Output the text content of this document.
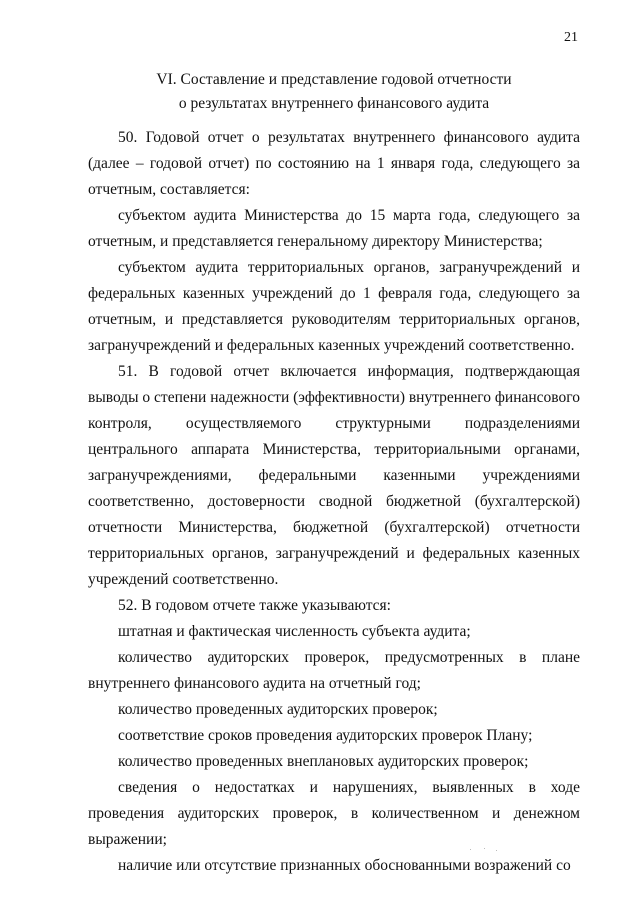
21
VI. Составление и представление годовой отчетности
о результатах внутреннего финансового аудита

50. Годовой отчет о результатах внутреннего финансового аудита (далее – годовой отчет) по состоянию на 1 января года, следующего за отчетным, составляется:

субъектом аудита Министерства до 15 марта года, следующего за отчетным, и представляется генеральному директору Министерства;

субъектом аудита территориальных органов, загранучреждений и федеральных казенных учреждений до 1 февраля года, следующего за отчетным, и представляется руководителям территориальных органов, загранучреждений и федеральных казенных учреждений соответственно.

51. В годовой отчет включается информация, подтверждающая выводы о степени надежности (эффективности) внутреннего финансового контроля, осуществляемого структурными подразделениями центрального аппарата Министерства, территориальными органами, загранучреждениями, федеральными казенными учреждениями соответственно, достоверности сводной бюджетной (бухгалтерской) отчетности Министерства, бюджетной (бухгалтерской) отчетности территориальных органов, загранучреждений и федеральных казенных учреждений соответственно.

52. В годовом отчете также указываются:

штатная и фактическая численность субъекта аудита;

количество аудиторских проверок, предусмотренных в плане внутреннего финансового аудита на отчетный год;

количество проведенных аудиторских проверок;

соответствие сроков проведения аудиторских проверок Плану;

количество проведенных внеплановых аудиторских проверок;

сведения о недостатках и нарушениях, выявленных в ходе проведения аудиторских проверок, в количественном и денежном выражении;

наличие или отсутствие признанных обоснованными возражений со
